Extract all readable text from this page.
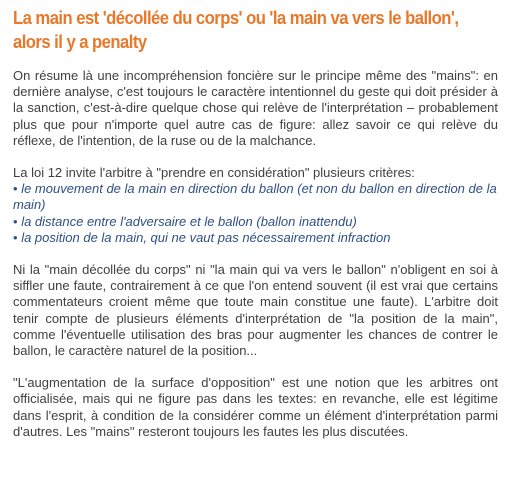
La main est 'décollée du corps' ou 'la main va vers le ballon', alors il y a penalty

On résume là une incompréhension foncière sur le principe même des "mains": en dernière analyse, c'est toujours le caractère intentionnel du geste qui doit présider à la sanction, c'est-à-dire quelque chose qui relève de l'interprétation – probablement plus que pour n'importe quel autre cas de figure: allez savoir ce qui relève du réflexe, de l'intention, de la ruse ou de la malchance.

La loi 12 invite l'arbitre à "prendre en considération" plusieurs critères:
• le mouvement de la main en direction du ballon (et non du ballon en direction de la main)
• la distance entre l'adversaire et le ballon (ballon inattendu)
• la position de la main, qui ne vaut pas nécessairement infraction

Ni la "main décollée du corps" ni "la main qui va vers le ballon" n'obligent en soi à siffler une faute, contrairement à ce que l'on entend souvent (il est vrai que certains commentateurs croient même que toute main constitue une faute). L'arbitre doit tenir compte de plusieurs éléments d'interprétation de "la position de la main", comme l'éventuelle utilisation des bras pour augmenter les chances de contrer le ballon, le caractère naturel de la position...

"L'augmentation de la surface d'opposition" est une notion que les arbitres ont officialisée, mais qui ne figure pas dans les textes: en revanche, elle est légitime dans l'esprit, à condition de la considérer comme un élément d'interprétation parmi d'autres. Les "mains" resteront toujours les fautes les plus discutées.
